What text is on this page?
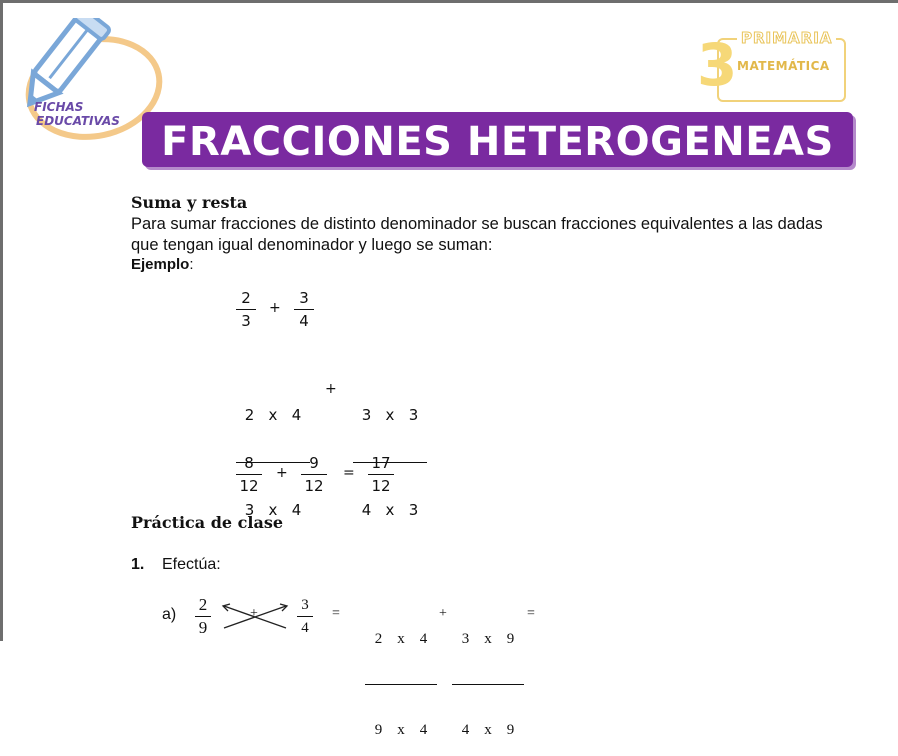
FICHAS
EDUCATIVAS
3 PRIMARIA
MATEMÁTICA
FRACCIONES HETEROGENEAS
Suma y resta
Para sumar fracciones de distinto denominador se buscan fracciones equivalentes a las dadas que tengan igual denominador y luego se suman:
Ejemplo:
2
3
+
3
4

2   x   4

3   x   4

+

3   x   3

4   x   3

8
12
+
9
12
=
17
12
Práctica de clase
1. Efectúa:
a)
2
9
+
3
4
=

2    x    4

9    x    4

+

3    x    9

4    x    9

=
